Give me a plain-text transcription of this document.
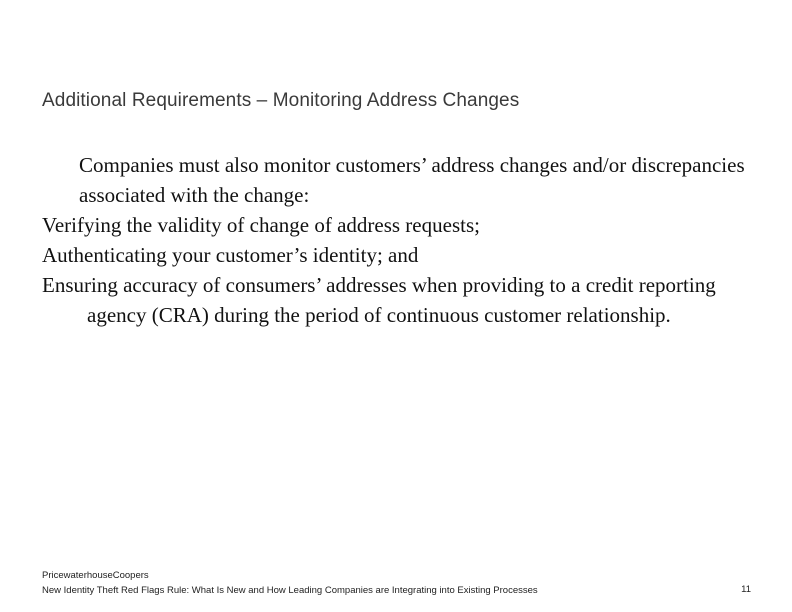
Additional Requirements – Monitoring Address Changes
Companies must also monitor customers’ address changes and/or discrepancies associated with the change:

Verifying the validity of change of address requests;

Authenticating your customer’s identity; and

Ensuring accuracy of consumers’ addresses when providing to a credit reporting agency (CRA) during the period of continuous customer relationship.

PricewaterhouseCoopers
New Identity Theft Red Flags Rule: What Is New and How Leading Companies are Integrating into Existing Processes	11
